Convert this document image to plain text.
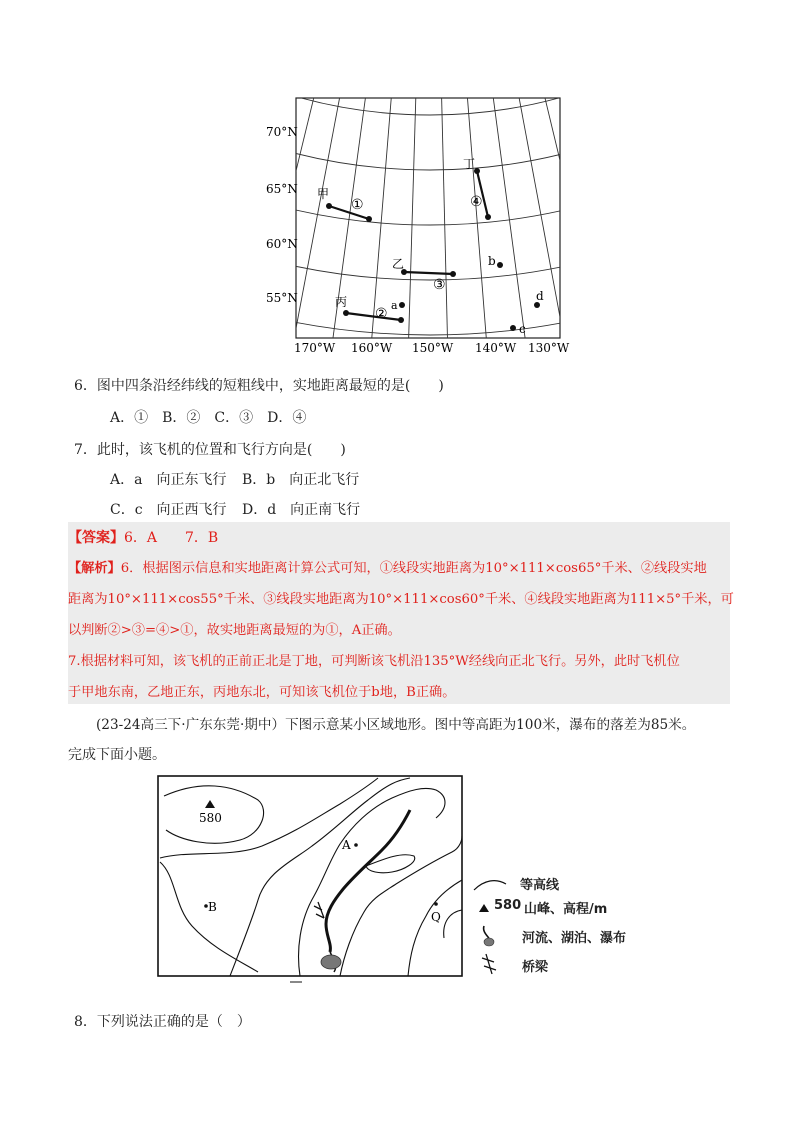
70°N
65°N
60°N
55°N
170°W 160°W 150°W 140°W 130°W
甲
乙
丙
丁
a
b
c
d
①
②
③
④
6．图中四条沿经纬线的短粗线中，实地距离最短的是(　　)
A．①　B．②　C．③　D．④
7．此时，该飞机的位置和飞行方向是(　　)
A．a　向正东飞行 B．b　向正北飞行
C．c　向正西飞行 D．d　向正南飞行
【答案】6．A　　7．B
【解析】6．根据图示信息和实地距离计算公式可知，①线段实地距离为10°×111×cos65°千米、②线段实地
距离为10°×111×cos55°千米、③线段实地距离为10°×111×cos60°千米、④线段实地距离为111×5°千米，可
以判断②>③=④>①，故实地距离最短的为①，A正确。
7.根据材料可知，该飞机的正前正北是丁地，可判断该飞机沿135°W经线向正北飞行。另外，此时飞机位
于甲地东南，乙地正东，丙地东北，可知该飞机位于b地，B正确。
(23-24高三下·广东东莞·期中）下图示意某小区域地形。图中等高距为100米，瀑布的落差为85米。
完成下面小题。
580
A
B
Q
等高线
580 山峰、高程/m
河流、湖泊、瀑布
桥梁
8．下列说法正确的是（　）
